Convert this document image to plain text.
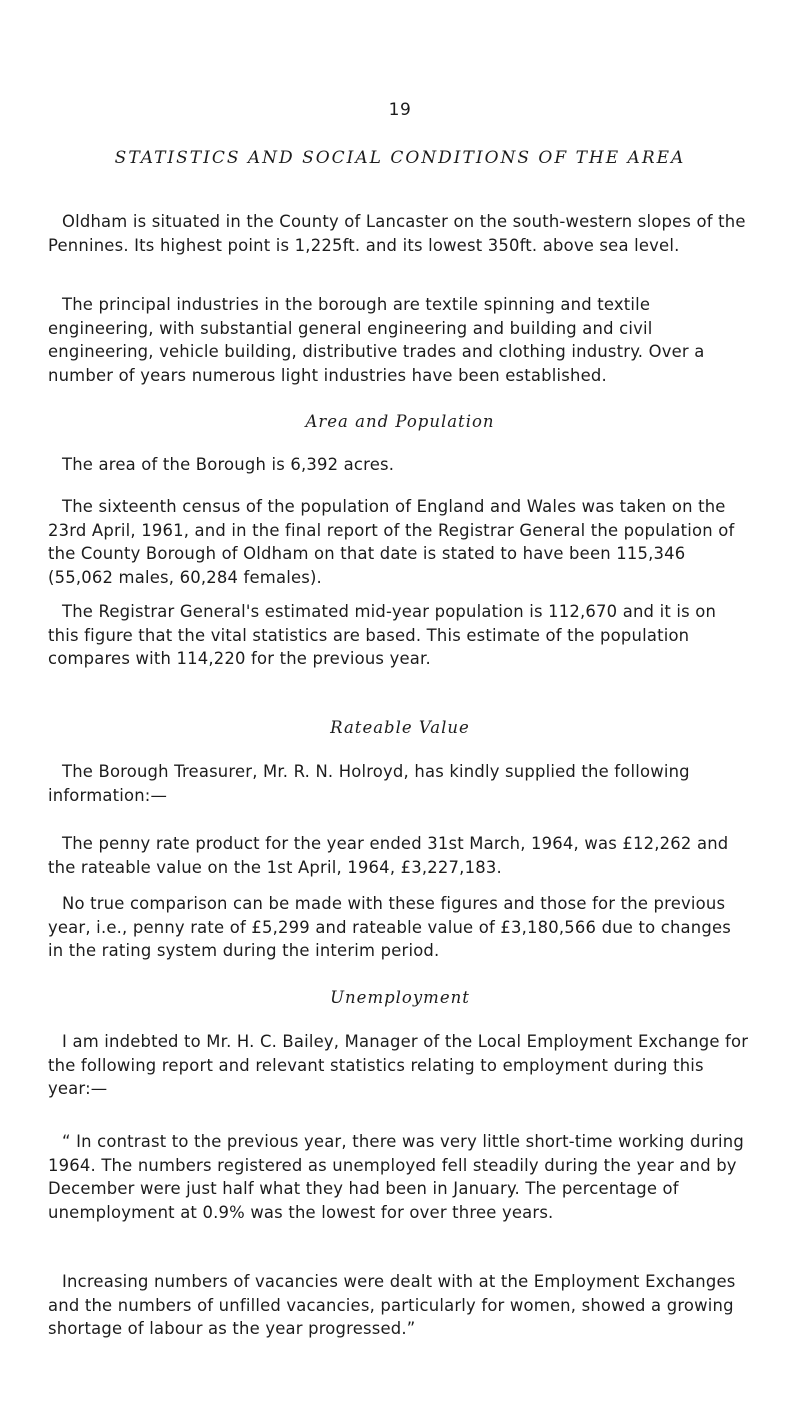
19
STATISTICS AND SOCIAL CONDITIONS OF THE AREA

Oldham is situated in the County of Lancaster on the south-western slopes of the Pennines. Its highest point is 1,225ft. and its lowest 350ft. above sea level.

The principal industries in the borough are textile spinning and textile engineering, with substantial general engineering and building and civil engineering, vehicle building, distributive trades and clothing industry. Over a number of years numerous light industries have been established.

Area and Population

The area of the Borough is 6,392 acres.

The sixteenth census of the population of England and Wales was taken on the 23rd April, 1961, and in the final report of the Registrar General the population of the County Borough of Oldham on that date is stated to have been 115,346 (55,062 males, 60,284 females).

The Registrar General's estimated mid-year population is 112,670 and it is on this figure that the vital statistics are based. This estimate of the population compares with 114,220 for the previous year.

Rateable Value

The Borough Treasurer, Mr. R. N. Holroyd, has kindly supplied the following information:—

The penny rate product for the year ended 31st March, 1964, was £12,262 and the rateable value on the 1st April, 1964, £3,227,183.

No true comparison can be made with these figures and those for the previous year, i.e., penny rate of £5,299 and rateable value of £3,180,566 due to changes in the rating system during the interim period.

Unemployment

I am indebted to Mr. H. C. Bailey, Manager of the Local Employment Exchange for the following report and relevant statistics relating to employment during this year:—

“ In contrast to the previous year, there was very little short-time working during 1964. The numbers registered as unemployed fell steadily during the year and by December were just half what they had been in January. The percentage of unemployment at 0.9% was the lowest for over three years.

Increasing numbers of vacancies were dealt with at the Employment Exchanges and the numbers of unfilled vacancies, particularly for women, showed a growing shortage of labour as the year progressed.”
